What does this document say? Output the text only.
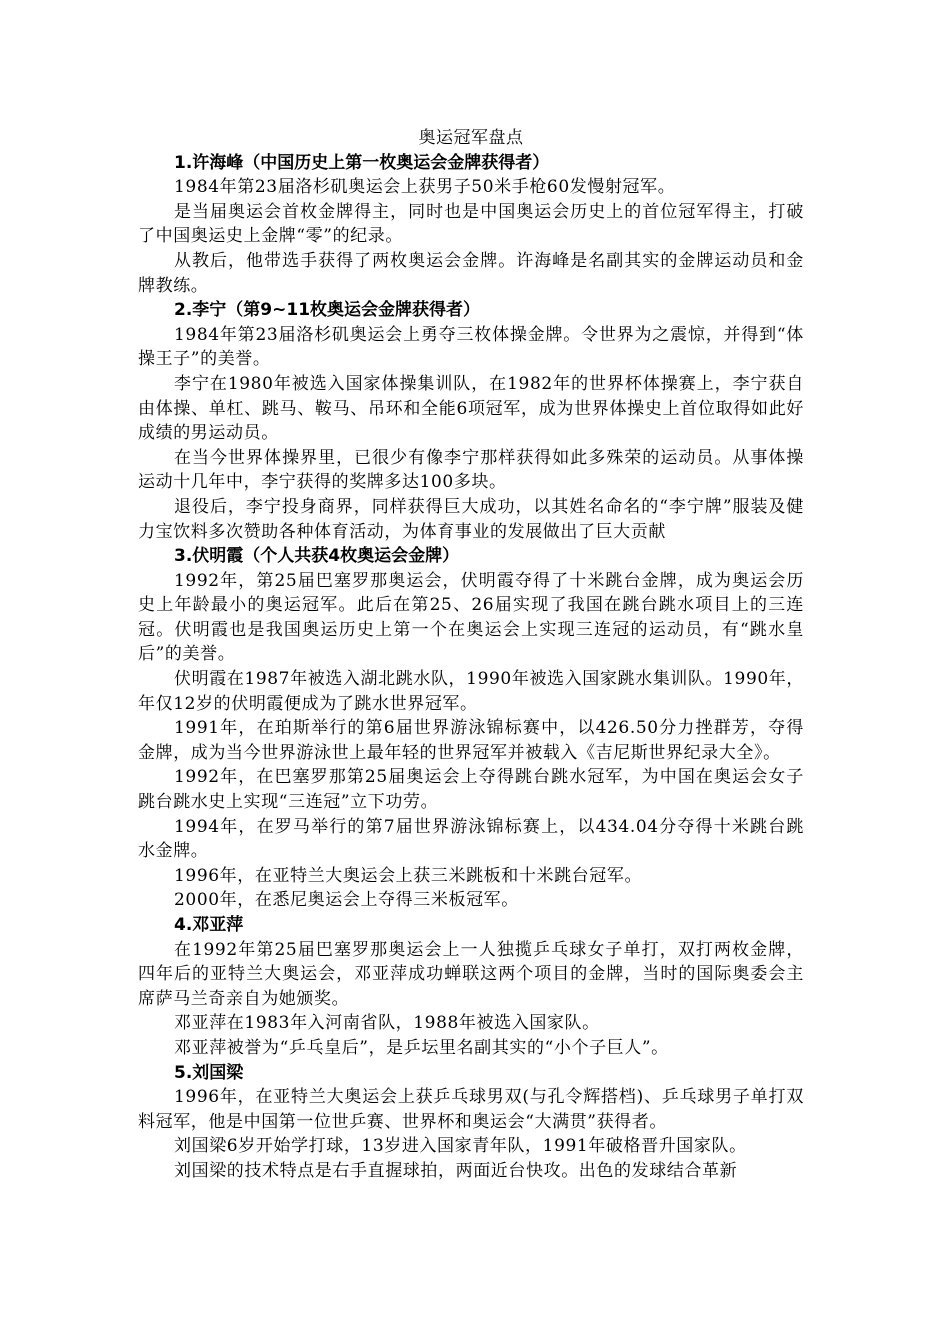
奥运冠军盘点
1.许海峰（中国历史上第一枚奥运会金牌获得者）

1984年第23届洛杉矶奥运会上获男子50米手枪60发慢射冠军。

是当届奥运会首枚金牌得主，同时也是中国奥运会历史上的首位冠军得主，打破了中国奥运史上金牌“零”的纪录。

从教后，他带选手获得了两枚奥运会金牌。许海峰是名副其实的金牌运动员和金牌教练。

2.李宁（第9~11枚奥运会金牌获得者）

1984年第23届洛杉矶奥运会上勇夺三枚体操金牌。令世界为之震惊，并得到“体操王子”的美誉。

李宁在1980年被选入国家体操集训队，在1982年的世界杯体操赛上，李宁获自由体操、单杠、跳马、鞍马、吊环和全能6项冠军，成为世界体操史上首位取得如此好成绩的男运动员。

在当今世界体操界里，已很少有像李宁那样获得如此多殊荣的运动员。从事体操运动十几年中，李宁获得的奖牌多达100多块。

退役后，李宁投身商界，同样获得巨大成功，以其姓名命名的“李宁牌”服装及健力宝饮料多次赞助各种体育活动，为体育事业的发展做出了巨大贡献

3.伏明霞（个人共获4枚奥运会金牌）

1992年，第25届巴塞罗那奥运会，伏明霞夺得了十米跳台金牌，成为奥运会历史上年龄最小的奥运冠军。此后在第25、26届实现了我国在跳台跳水项目上的三连冠。伏明霞也是我国奥运历史上第一个在奥运会上实现三连冠的运动员，有“跳水皇后”的美誉。

伏明霞在1987年被选入湖北跳水队，1990年被选入国家跳水集训队。1990年，年仅12岁的伏明霞便成为了跳水世界冠军。

1991年，在珀斯举行的第6届世界游泳锦标赛中，以426.50分力挫群芳，夺得金牌，成为当今世界游泳世上最年轻的世界冠军并被载入《吉尼斯世界纪录大全》。

1992年，在巴塞罗那第25届奥运会上夺得跳台跳水冠军，为中国在奥运会女子跳台跳水史上实现“三连冠”立下功劳。

1994年，在罗马举行的第7届世界游泳锦标赛上，以434.04分夺得十米跳台跳水金牌。

1996年，在亚特兰大奥运会上获三米跳板和十米跳台冠军。

2000年，在悉尼奥运会上夺得三米板冠军。

4.邓亚萍

在1992年第25届巴塞罗那奥运会上一人独揽乒乓球女子单打，双打两枚金牌，四年后的亚特兰大奥运会，邓亚萍成功蝉联这两个项目的金牌，当时的国际奥委会主席萨马兰奇亲自为她颁奖。

邓亚萍在1983年入河南省队，1988年被选入国家队。

邓亚萍被誉为“乒乓皇后”，是乒坛里名副其实的“小个子巨人”。

5.刘国梁

1996年，在亚特兰大奥运会上获乒乓球男双(与孔令辉搭档)、乒乓球男子单打双料冠军，他是中国第一位世乒赛、世界杯和奥运会“大满贯”获得者。

刘国梁6岁开始学打球，13岁进入国家青年队，1991年破格晋升国家队。

刘国梁的技术特点是右手直握球拍，两面近台快攻。出色的发球结合革新
